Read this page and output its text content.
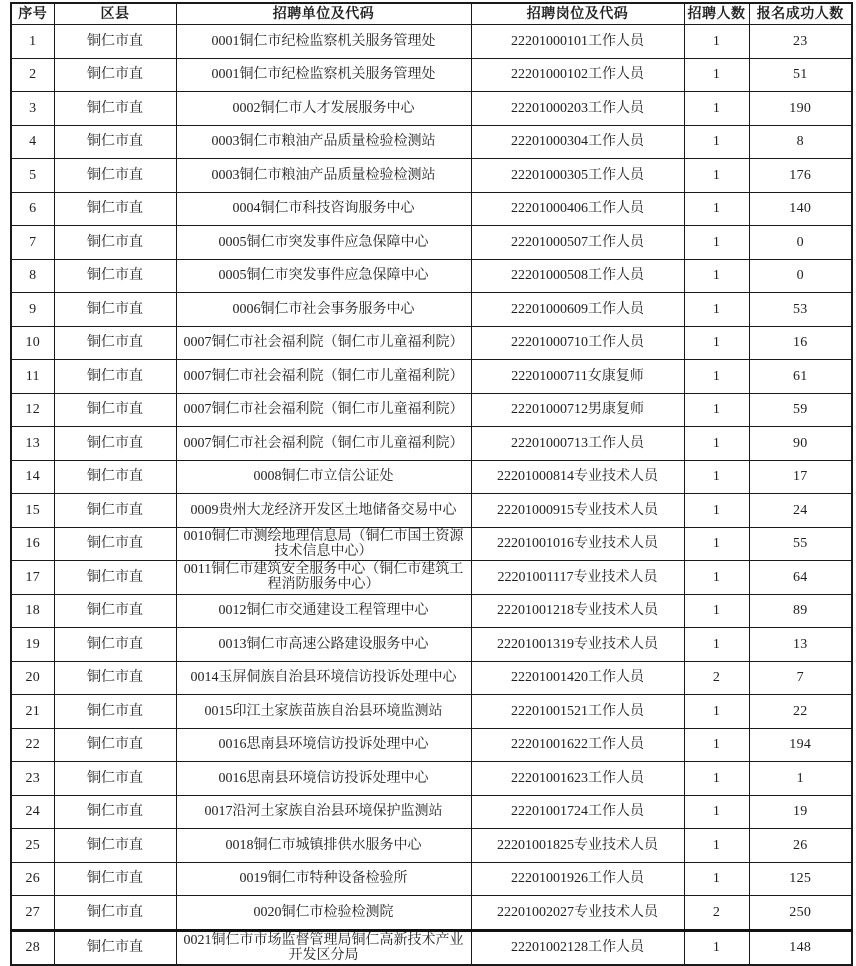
序号	区县	招聘单位及代码	招聘岗位及代码	招聘人数	报名成功人数
1	铜仁市直	0001铜仁市纪检监察机关服务管理处	22201000101工作人员	1	23
2	铜仁市直	0001铜仁市纪检监察机关服务管理处	22201000102工作人员	1	51
3	铜仁市直	0002铜仁市人才发展服务中心	22201000203工作人员	1	190
4	铜仁市直	0003铜仁市粮油产品质量检验检测站	22201000304工作人员	1	8
5	铜仁市直	0003铜仁市粮油产品质量检验检测站	22201000305工作人员	1	176
6	铜仁市直	0004铜仁市科技咨询服务中心	22201000406工作人员	1	140
7	铜仁市直	0005铜仁市突发事件应急保障中心	22201000507工作人员	1	0
8	铜仁市直	0005铜仁市突发事件应急保障中心	22201000508工作人员	1	0
9	铜仁市直	0006铜仁市社会事务服务中心	22201000609工作人员	1	53
10	铜仁市直	0007铜仁市社会福利院（铜仁市儿童福利院）	22201000710工作人员	1	16
11	铜仁市直	0007铜仁市社会福利院（铜仁市儿童福利院）	22201000711女康复师	1	61
12	铜仁市直	0007铜仁市社会福利院（铜仁市儿童福利院）	22201000712男康复师	1	59
13	铜仁市直	0007铜仁市社会福利院（铜仁市儿童福利院）	22201000713工作人员	1	90
14	铜仁市直	0008铜仁市立信公证处	22201000814专业技术人员	1	17
15	铜仁市直	0009贵州大龙经济开发区土地储备交易中心	22201000915专业技术人员	1	24
16	铜仁市直	0010铜仁市测绘地理信息局（铜仁市国土资源技术信息中心）	22201001016专业技术人员	1	55
17	铜仁市直	0011铜仁市建筑安全服务中心（铜仁市建筑工程消防服务中心）	22201001117专业技术人员	1	64
18	铜仁市直	0012铜仁市交通建设工程管理中心	22201001218专业技术人员	1	89
19	铜仁市直	0013铜仁市高速公路建设服务中心	22201001319专业技术人员	1	13
20	铜仁市直	0014玉屏侗族自治县环境信访投诉处理中心	22201001420工作人员	2	7
21	铜仁市直	0015印江土家族苗族自治县环境监测站	22201001521工作人员	1	22
22	铜仁市直	0016思南县环境信访投诉处理中心	22201001622工作人员	1	194
23	铜仁市直	0016思南县环境信访投诉处理中心	22201001623工作人员	1	1
24	铜仁市直	0017沿河土家族自治县环境保护监测站	22201001724工作人员	1	19
25	铜仁市直	0018铜仁市城镇排供水服务中心	22201001825专业技术人员	1	26
26	铜仁市直	0019铜仁市特种设备检验所	22201001926工作人员	1	125
27	铜仁市直	0020铜仁市检验检测院	22201002027专业技术人员	2	250
28	铜仁市直	0021铜仁市市场监督管理局铜仁高新技术产业开发区分局	22201002128工作人员	1	148
